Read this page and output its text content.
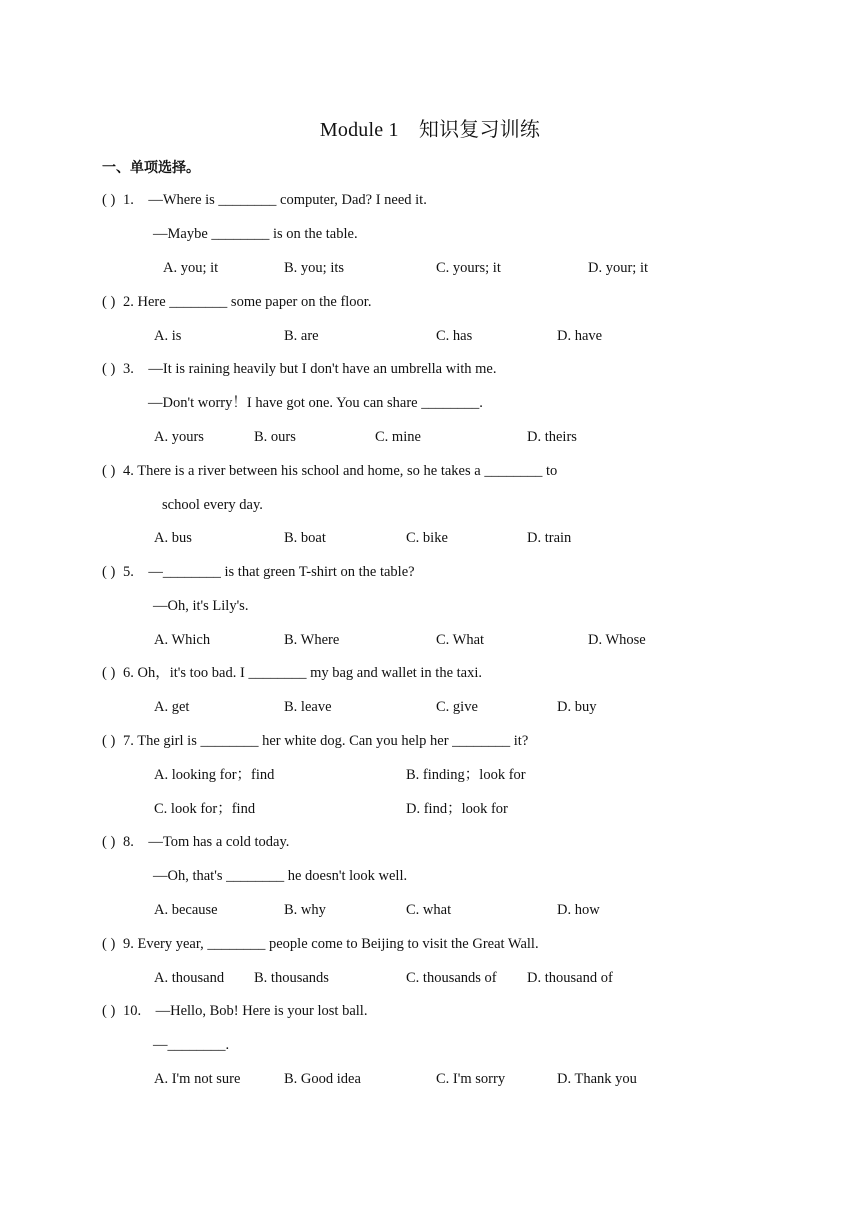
Module 1　知识复习训练
一、单项选择。
( ) 1.　—Where is ________ computer, Dad? I need it.
—Maybe ________ is on the table.
A. you; it	B. you; its	C. yours; it	D. your; it
( ) 2. Here ________ some paper on the floor.
A. is	B. are	C. has	D. have
( ) 3.　—It is raining heavily but I don't have an umbrella with me.
—Don't worry！I have got one. You can share ________.
A. yours	B. ours	C. mine	D. theirs
( ) 4. There is a river between his school and home, so he takes a ________ to
school every day.
A. bus	B. boat	C. bike	D. train
( ) 5.　—________ is that green T-shirt on the table?
—Oh, it's Lily's.
A. Which	B. Where	C. What	D. Whose
( ) 6. Oh，it's too bad. I ________ my bag and wallet in the taxi.
A. get	B. leave	C. give	D. buy
( ) 7. The girl is ________ her white dog. Can you help her ________ it?
A. looking for；find	B. finding；look for
C. look for；find	D. find；look for
( ) 8.　—Tom has a cold today.
—Oh, that's ________ he doesn't look well.
A. because	B. why	C. what	D. how
( ) 9. Every year, ________ people come to Beijing to visit the Great Wall.
A. thousand B. thousands	C. thousands of D. thousand of
( ) 10.　—Hello, Bob! Here is your lost ball.
—________.
A. I'm not sure	B. Good idea	C. I'm sorry	D. Thank you
